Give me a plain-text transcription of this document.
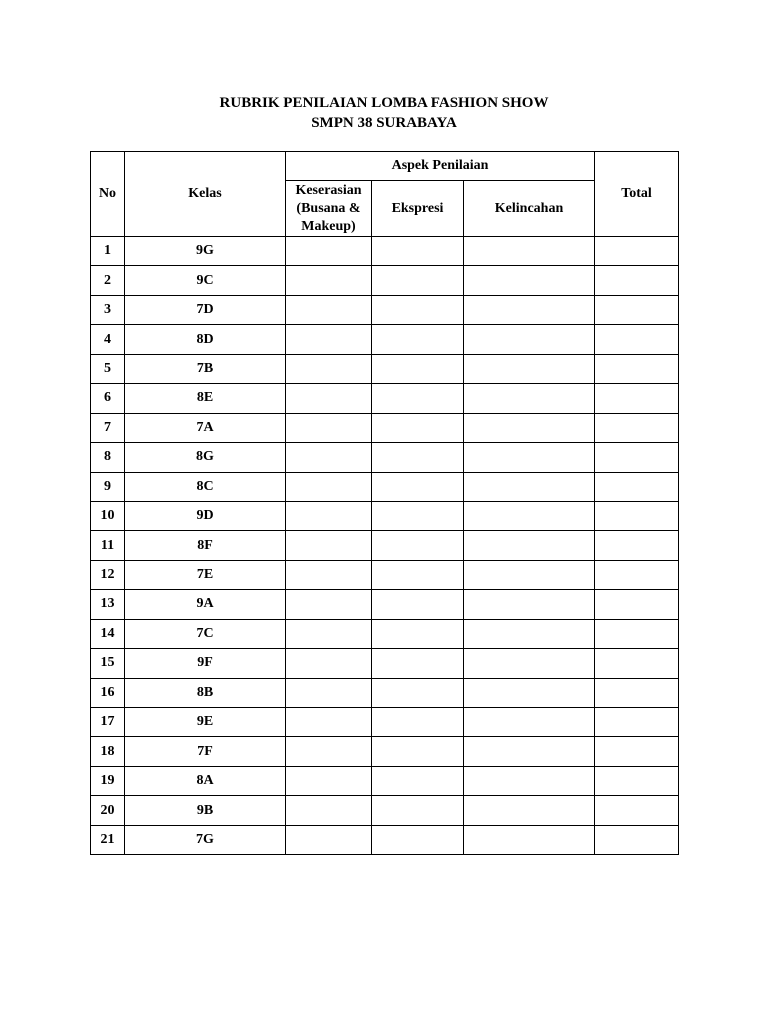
RUBRIK PENILAIAN LOMBA FASHION SHOW
SMPN 38 SURABAYA
No	Kelas	Aspek Penilaian			Total

		Keserasian
(Busana &
Makeup)	Ekspresi	Kelincahan	
1	9G				
2	9C				
3	7D				
4	8D				
5	7B				
6	8E				
7	7A				
8	8G				
9	8C				
10	9D				
11	8F				
12	7E				
13	9A				
14	7C				
15	9F				
16	8B				
17	9E				
18	7F				
19	8A				
20	9B				
21	7G				
